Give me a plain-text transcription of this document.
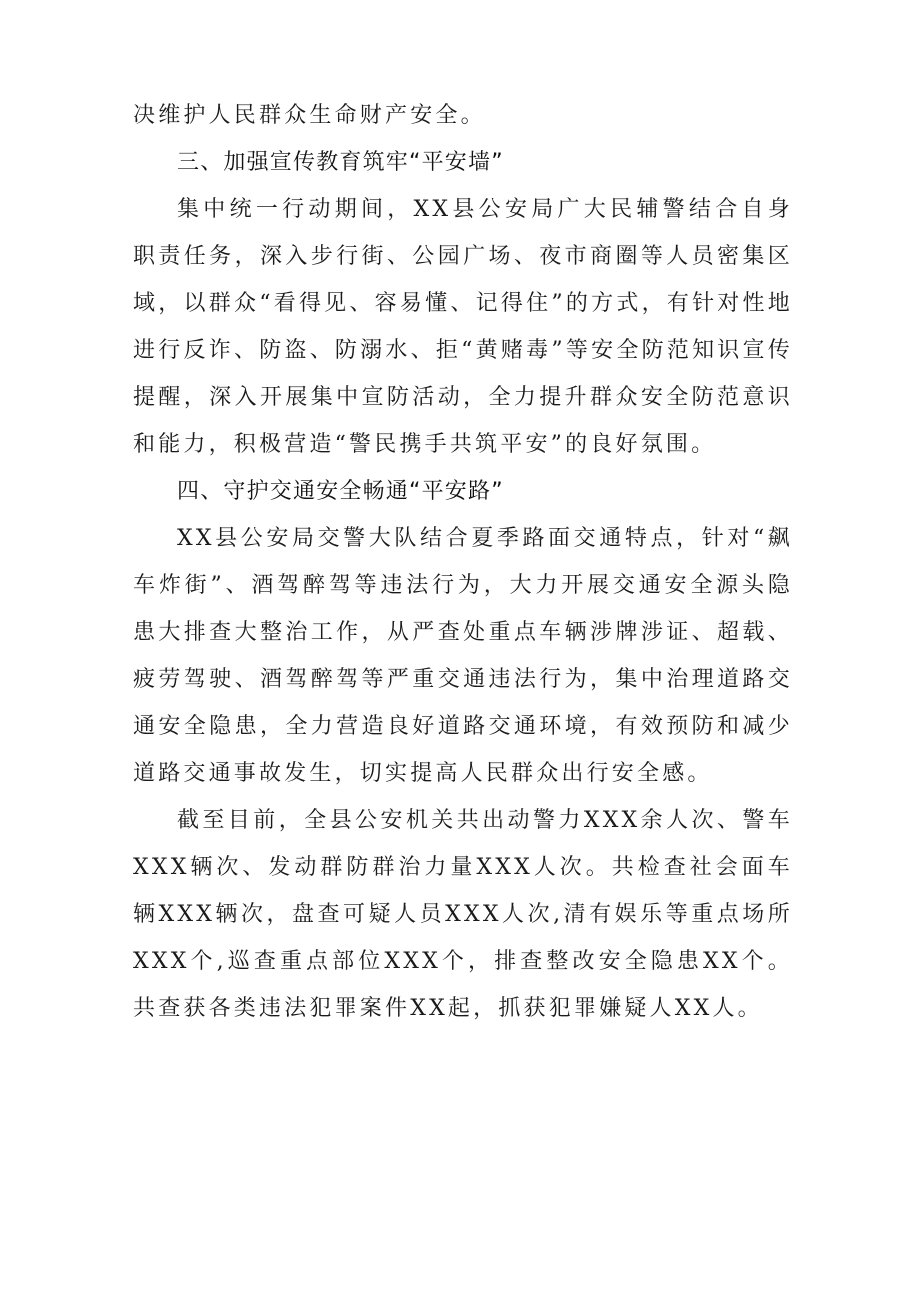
决维护人民群众生命财产安全。

三、加强宣传教育筑牢“平安墙”

集中统一行动期间，XX县公安局广大民辅警结合自身职责任务，深入步行街、公园广场、夜市商圈等人员密集区域，以群众“看得见、容易懂、记得住”的方式，有针对性地进行反诈、防盗、防溺水、拒“黄赌毒”等安全防范知识宣传提醒，深入开展集中宣防活动，全力提升群众安全防范意识和能力，积极营造“警民携手共筑平安”的良好氛围。

四、守护交通安全畅通“平安路”

XX县公安局交警大队结合夏季路面交通特点，针对“飙车炸街”、酒驾醉驾等违法行为，大力开展交通安全源头隐患大排查大整治工作，从严查处重点车辆涉牌涉证、超载、疲劳驾驶、酒驾醉驾等严重交通违法行为，集中治理道路交通安全隐患，全力营造良好道路交通环境，有效预防和减少道路交通事故发生，切实提高人民群众出行安全感。

截至目前，全县公安机关共出动警力XXX余人次、警车XXX辆次、发动群防群治力量XXX人次。共检查社会面车辆XXX辆次，盘查可疑人员XXX人次,清有娱乐等重点场所XXX个,巡查重点部位XXX个，排查整改安全隐患XX个。共查获各类违法犯罪案件XX起，抓获犯罪嫌疑人XX人。
